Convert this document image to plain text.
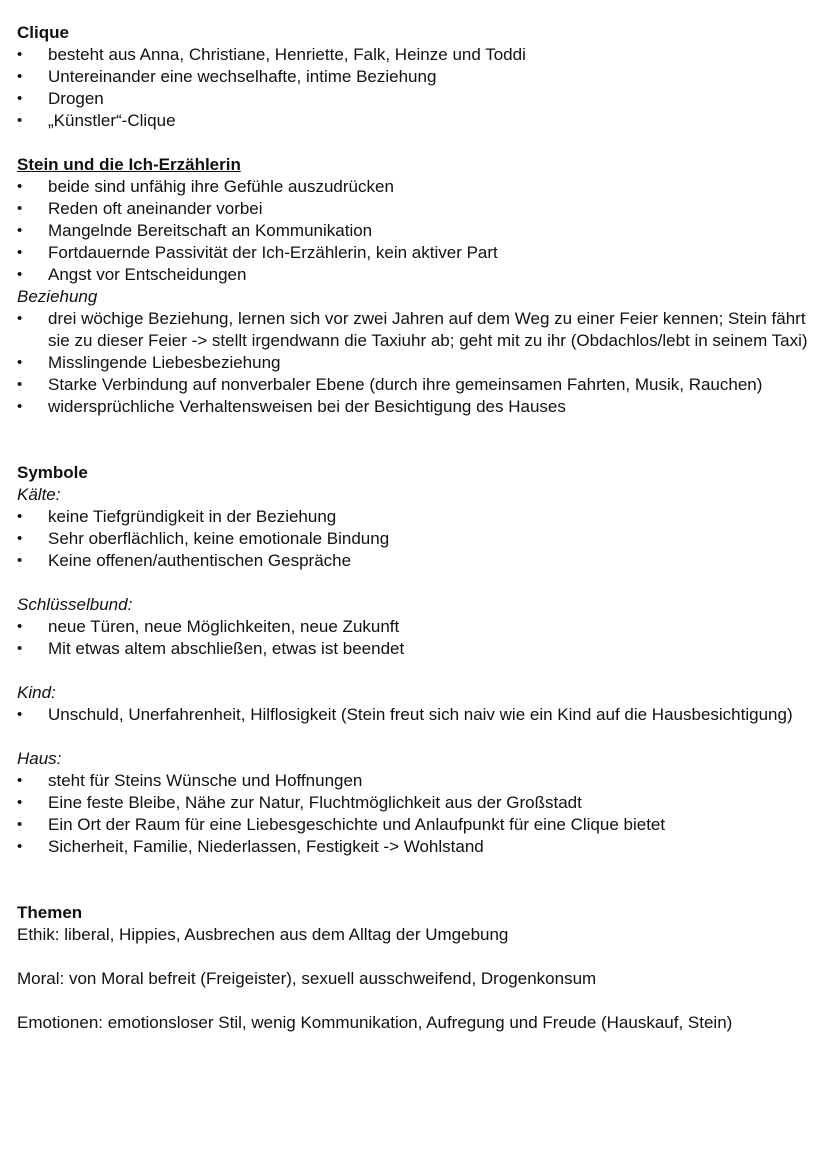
Clique
• besteht aus Anna, Christiane, Henriette, Falk, Heinze und Toddi
• Untereinander eine wechselhafte, intime Beziehung
• Drogen
• „Künstler“-Clique
Stein und die Ich-Erzählerin
• beide sind unfähig ihre Gefühle auszudrücken
• Reden oft aneinander vorbei
• Mangelnde Bereitschaft an Kommunikation
• Fortdauernde Passivität der Ich-Erzählerin, kein aktiver Part
• Angst vor Entscheidungen
Beziehung
• drei wöchige Beziehung, lernen sich vor zwei Jahren auf dem Weg zu einer Feier kennen; Stein fährt sie zu dieser Feier -> stellt irgendwann die Taxiuhr ab; geht mit zu ihr (Obdachlos/lebt in seinem Taxi)
• Misslingende Liebesbeziehung
• Starke Verbindung auf nonverbaler Ebene (durch ihre gemeinsamen Fahrten, Musik, Rauchen)
• widersprüchliche Verhaltensweisen bei der Besichtigung des Hauses
Symbole
Kälte:
• keine Tiefgründigkeit in der Beziehung
• Sehr oberflächlich, keine emotionale Bindung
• Keine offenen/authentischen Gespräche
Schlüsselbund:
• neue Türen, neue Möglichkeiten, neue Zukunft
• Mit etwas altem abschließen, etwas ist beendet
Kind:
• Unschuld, Unerfahrenheit, Hilflosigkeit (Stein freut sich naiv wie ein Kind auf die Hausbesichtigung)
Haus:
• steht für Steins Wünsche und Hoffnungen
• Eine feste Bleibe, Nähe zur Natur, Fluchtmöglichkeit aus der Großstadt
• Ein Ort der Raum für eine Liebesgeschichte und Anlaufpunkt für eine Clique bietet
• Sicherheit, Familie, Niederlassen, Festigkeit -> Wohlstand
Themen

Ethik: liberal, Hippies, Ausbrechen aus dem Alltag der Umgebung

Moral: von Moral befreit (Freigeister), sexuell ausschweifend, Drogenkonsum

Emotionen: emotionsloser Stil, wenig Kommunikation, Aufregung und Freude (Hauskauf, Stein)
